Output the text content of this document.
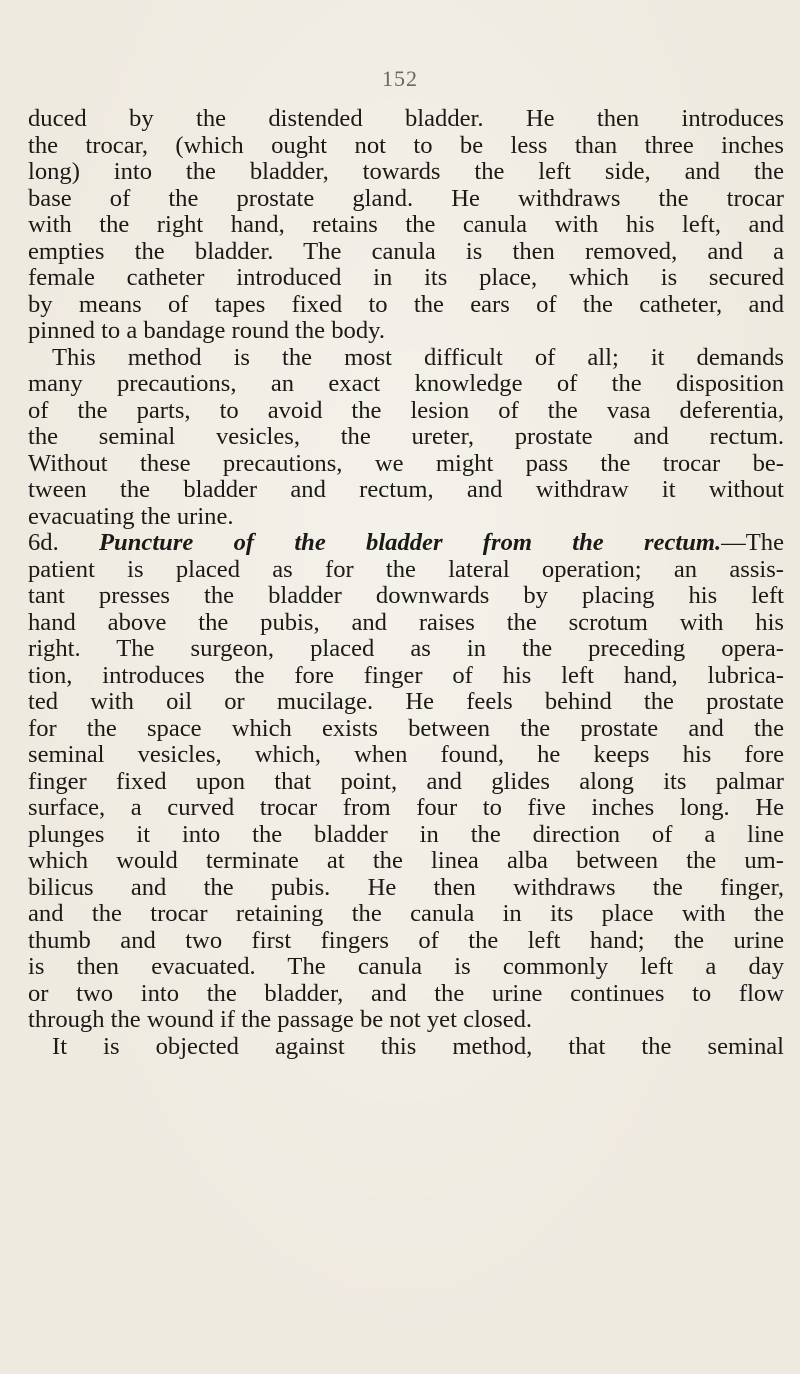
152
duced by the distended bladder. He then introduces
the trocar, (which ought not to be less than three inches
long) into the bladder, towards the left side, and the
base of the prostate gland. He withdraws the trocar
with the right hand, retains the canula with his left, and
empties the bladder. The canula is then removed, and a
female catheter introduced in its place, which is secured
by means of tapes fixed to the ears of the catheter, and
pinned to a bandage round the body.
This method is the most difficult of all; it demands
many precautions, an exact knowledge of the disposition
of the parts, to avoid the lesion of the vasa deferentia,
the seminal vesicles, the ureter, prostate and rectum.
Without these precautions, we might pass the trocar be-
tween the bladder and rectum, and withdraw it without
evacuating the urine.
6d. Puncture of the bladder from the rectum.—The
patient is placed as for the lateral operation; an assis-
tant presses the bladder downwards by placing his left
hand above the pubis, and raises the scrotum with his
right. The surgeon, placed as in the preceding opera-
tion, introduces the fore finger of his left hand, lubrica-
ted with oil or mucilage. He feels behind the prostate
for the space which exists between the prostate and the
seminal vesicles, which, when found, he keeps his fore
finger fixed upon that point, and glides along its palmar
surface, a curved trocar from four to five inches long. He
plunges it into the bladder in the direction of a line
which would terminate at the linea alba between the um-
bilicus and the pubis. He then withdraws the finger,
and the trocar retaining the canula in its place with the
thumb and two first fingers of the left hand; the urine
is then evacuated. The canula is commonly left a day
or two into the bladder, and the urine continues to flow
through the wound if the passage be not yet closed.
It is objected against this method, that the seminal
